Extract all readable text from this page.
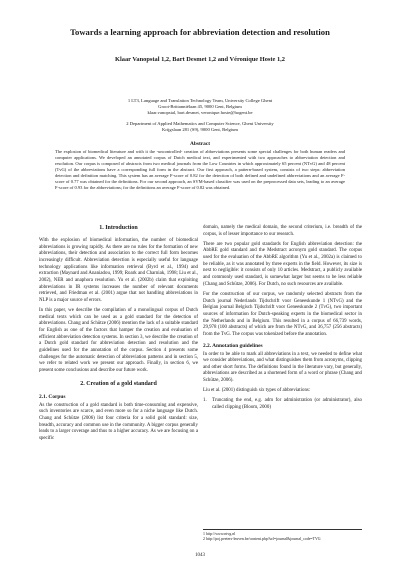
Towards a learning approach for abbreviation detection and resolution
Klaar Vanopstal 1,2, Bart Desmet 1,2 and Véronique Hoste 1,2
1 LT3, Language and Translation Technology Team, University College Ghent
Groot-Brittanniëlaan 45, 9000 Gent, Belgium
klaar.vanopstal, bart.desmet, veronique.hoste@hogent.be
2 Department of Applied Mathematics and Computer Science, Ghent University
Krijgslaan 281 (S9), 9000 Gent, Belgium
Abstract
The explosion of biomedical literature and with it the -uncontrolled- creation of abbreviations presents some special challenges for both human readers and computer applications. We developed an annotated corpus of Dutch medical text, and experimented with two approaches to abbreviation detection and resolution. Our corpus is composed of abstracts from two medical journals from the Low Countries in which approximately 65 percent (NTvG) and 48 percent (TvG) of the abbreviations have a corresponding full form in the abstract. Our first approach, a pattern-based system, consists of two steps: abbreviation detection and definition matching. This system has an average F-score of 0.82 for the detection of both defined and undefined abbreviations and an average F-score of 0.77 was obtained for the definitions. For our second approach, an SVM-based classifier was used on the preprocessed data sets, leading to an average F-score of 0.93 for the abbreviations; for the definitions an average F-score of 0.82 was obtained.
1. Introduction

With the explosion of biomedical information, the number of biomedical abbreviations is growing rapidly. As there are no rules for the formation of new abbreviations, their detection and association to the correct full form becomes increasingly difficult. Abbreviation detection is especially useful for language technology applications like information retrieval (Byrd et al., 1994) and extraction (Maynard and Ananiadou, 1999; Roark and Charniak, 1998; Liu et al., 2002), NER and anaphora resolution. Yu et al. (2002b) claim that exploiting abbreviations in IR systems increases the number of relevant documents retrieved, and Friedman et al. (2001) argue that not handling abbreviations in NLP is a major source of errors.

In this paper, we describe the compilation of a monolingual corpus of Dutch medical texts which can be used as a gold standard for the detection of abbreviations. Chang and Schütze (2006) mention the lack of a suitable standard for English as one of the factors that hamper the creation and evaluation of efficient abbreviation detection systems. In section 3, we describe the creation of a Dutch gold standard for abbreviation detection and resolution and the guidelines used for the annotation of the corpus. Section 4 presents some challenges for the automatic detection of abbreviation patterns and in section 5, we refer to related work we present our approach. Finally, in section 6, we present some conclusions and describe our future work.

2. Creation of a gold standard
2.1. Corpus

As the construction of a gold standard is both time-consuming and expensive, such inventories are scarce, and even more so for a niche language like Dutch. Chang and Schütze (2006) list four criteria for a solid gold standard: size, breadth, accuracy and common use in the community. A bigger corpus generally leads to a larger coverage and thus to a higher accuracy. As we are focusing on a specific

domain, namely the medical domain, the second criterium, i.e. breadth of the corpus, is of lesser importance to our research.

There are two popular gold standards for English abbreviation detection: the AbbRE gold standard and the Medstract acronym gold standard. The corpus used for the evaluation of the AbbRE algorithm (Yu et al., 2002a) is claimed to be reliable, as it was annotated by three experts in the field. However, its size is next to negligible: it consists of only 10 articles. Medstract, a publicly available and commonly used standard, is somewhat larger but seems to be less reliable (Chang and Schütze, 2006). For Dutch, no such resources are available.

For the construction of our corpus, we randomly selected abstracts from the Dutch journal Nederlands Tijdschrift voor Geneeskunde 1 (NTvG) and the Belgian journal Belgisch Tijdschrift voor Geneeskunde 2 (TvG), two important sources of information for Dutch-speaking experts in the biomedical sector in the Netherlands and in Belgium. This resulted in a corpus of 66,739 words, 29,978 (100 abstracts) of which are from the NTvG, and 36,757 (256 abstracts) from the TvG. The corpus was tokenized before the annotation.

2.2. Annotation guidelines

In order to be able to mark all abbreviations in a text, we needed to define what we consider abbreviations, and what distinguishes them from acronyms, clipping and other short forms. The definitions found in the literature vary, but generally, abbreviations are described as a shortened form of a word or phrase (Chang and Schütze, 2006).

Liu et al. (2001) distinguish six types of abbreviations:

1.	Truncating the end, e.g. adm for administration (or administrator), also called clipping (Bloom, 2000)
1 http://www.ntvg.nl
2 http://poj.peeters-leuven.be/content.php?url=journal&journal_code=TVG
1043
